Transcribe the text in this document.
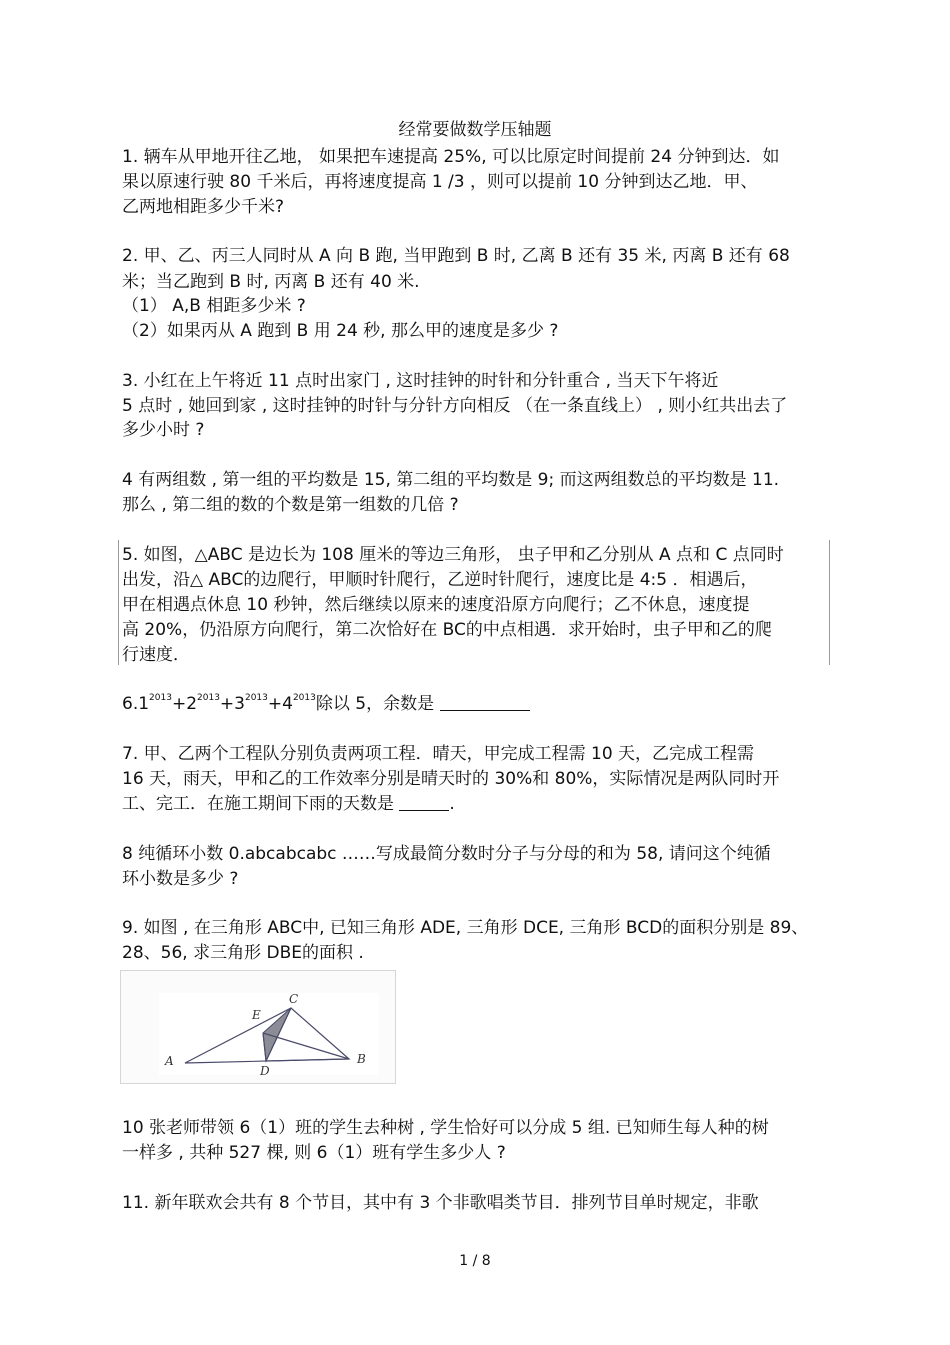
经常要做数学压轴题
1. 辆车从甲地开往乙地， 如果把车速提高 25%, 可以比原定时间提前 24 分钟到达．如
果以原速行驶 80 千米后，再将速度提高 1 /3 ，则可以提前 10 分钟到达乙地．甲、
乙两地相距多少千米?
2. 甲、乙、丙三人同时从 A 向 B 跑, 当甲跑到 B 时, 乙离 B 还有 35 米, 丙离 B 还有 68
米；当乙跑到 B 时, 丙离 B 还有 40 米.
（1） A,B 相距多少米 ?
（2）如果丙从 A 跑到 B 用 24 秒, 那么甲的速度是多少 ?
3. 小红在上午将近 11 点时出家门 , 这时挂钟的时针和分针重合 , 当天下午将近
5 点时 , 她回到家 , 这时挂钟的时针与分针方向相反 （在一条直线上） , 则小红共出去了
多少小时 ?
4 有两组数 , 第一组的平均数是 15, 第二组的平均数是 9; 而这两组数总的平均数是 11.
那么 , 第二组的数的个数是第一组数的几倍 ?
5. 如图，△ABC 是边长为 108 厘米的等边三角形， 虫子甲和乙分别从 A 点和 C 点同时
出发，沿△ ABC的边爬行，甲顺时针爬行，乙逆时针爬行，速度比是 4:5 ．相遇后，
甲在相遇点休息 10 秒钟，然后继续以原来的速度沿原方向爬行；乙不休息，速度提
高 20%，仍沿原方向爬行，第二次恰好在 BC的中点相遇．求开始时，虫子甲和乙的爬
行速度．
$6.1^{2013}+2^{2013}+3^{2013}+4^{2013}$除以 5，余数是
7. 甲、乙两个工程队分别负责两项工程．晴天，甲完成工程需 10 天，乙完成工程需
16 天，雨天，甲和乙的工作效率分别是晴天时的 30%和 80%，实际情况是两队同时开
工、完工．在施工期间下雨的天数是	.
8 纯循环小数 0.abcabcabc ……写成最简分数时分子与分母的和为 58, 请问这个纯循
环小数是多少 ?
9. 如图 , 在三角形 ABC中, 已知三角形 ADE, 三角形 DCE, 三角形 BCD的面积分别是 89、
28、56, 求三角形 DBE的面积 .
A	B
C
D
E
10 张老师带领 6（1）班的学生去种树 , 学生恰好可以分成 5 组. 已知师生每人种的树
一样多 , 共种 527 棵, 则 6（1）班有学生多少人 ?
11. 新年联欢会共有 8 个节目，其中有 3 个非歌唱类节目．排列节目单时规定，非歌
1 / 8
